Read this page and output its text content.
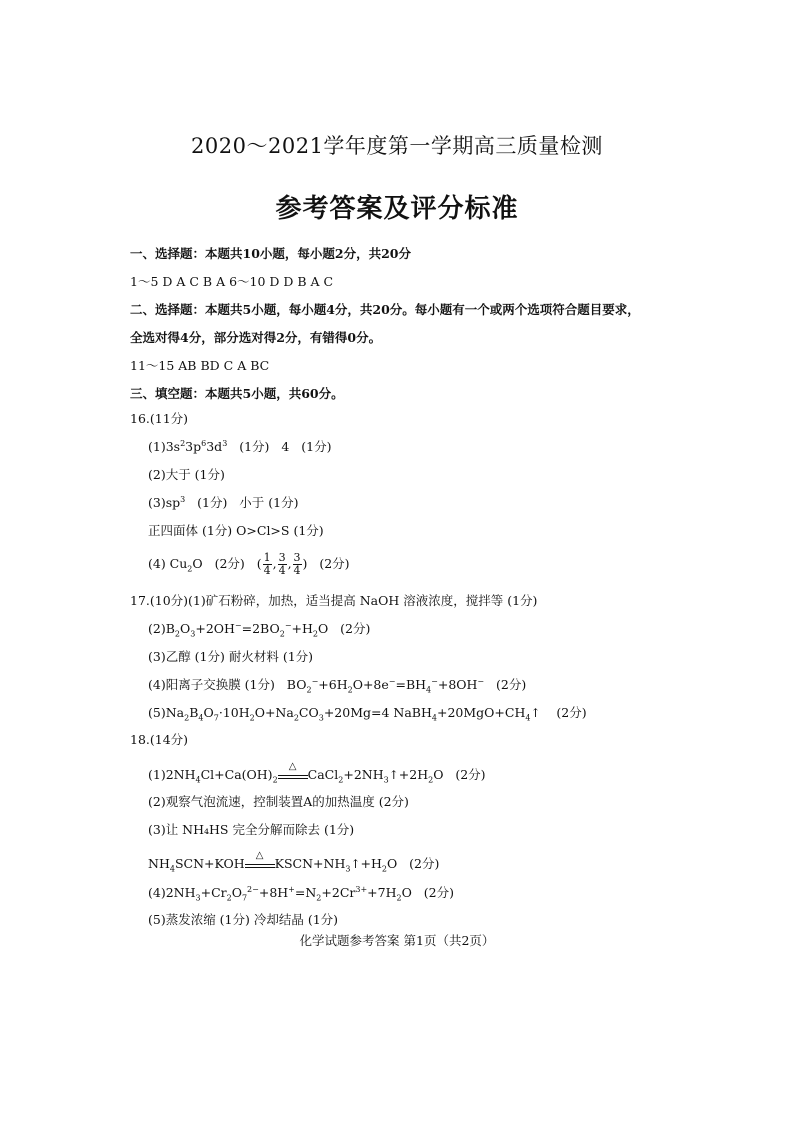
2020～2021学年度第一学期高三质量检测
参考答案及评分标准
一、选择题：本题共10小题，每小题2分，共20分
1～5 D A C B A 6～10 D D B A C
二、选择题：本题共5小题，每小题4分，共20分。每小题有一个或两个选项符合题目要求，
全选对得4分，部分选对得2分，有错得0分。
11～15 AB BD C A BC
三、填空题：本题共5小题，共60分。
16.(11分)
$(1)3s^23p^63d^3$ (1分) 4 (1分)
(2)大于 (1分)
$(3)sp^3$ (1分) 小于 (1分)
正四面体 (1分) O>Cl>S (1分)
(4) $Cu_2O$   (2分)   ( $\frac{1}{4}$ , $\frac{3}{4}$ , $\frac{3}{4}$ )   (2分)
17.(10分)(1)矿石粉碎，加热，适当提高 NaOH 溶液浓度，搅拌等 (1分)
$(2)B_2O_3+2OH^-=2BO_2^-+H_2O$   (2分)
(3)乙醇 (1分) 耐火材料 (1分)
(4)阳离子交换膜 (1分)   $BO_2^-+6H_2O+8e^-=BH_4^-+8OH^-$   (2分)
$(5)Na_2B_4O_7\cdot 10H_2O+Na_2CO_3+20Mg=4$ $NaBH_4+20MgO+CH_4↑$    (2分)
18.(14分)
$(1)2NH_4Cl+Ca(OH)_2$
△
$CaCl_2+2NH_3↑+2H_2O$   (2分)
(2)观察气泡流速，控制装置A的加热温度 (2分)
(3)让 NH₄HS 完全分解而除去 (1分)
$NH_4SCN+KOH$
△
$KSCN+NH_3↑+H_2O$   (2分)
$(4)2NH_3+Cr_2O_7^{2-}+8H^+=N_2+2Cr^{3+}+7H_2O$   (2分)
(5)蒸发浓缩 (1分) 冷却结晶 (1分)
化学试题参考答案 第1页（共2页）
